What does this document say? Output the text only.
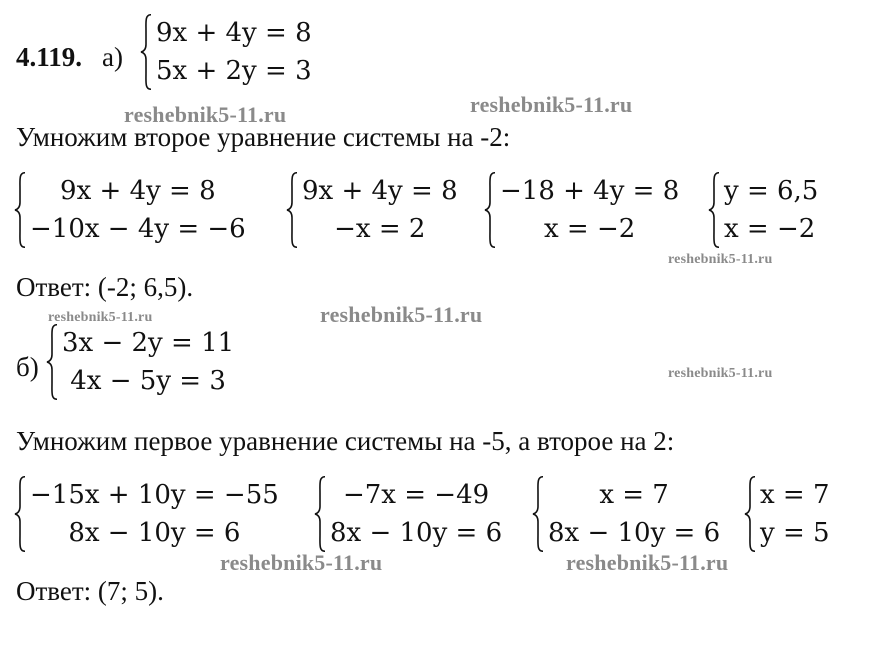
4.119. а)
9x + 4y = 8
5x + 2y = 3
Умножим второе уравнение системы на -2:
9x + 4y = 8
−10x − 4y = −6
9x + 4y = 8
−x = 2
−18 + 4y = 8
x = −2
y = 6,5
x = −2
Ответ: (-2; 6,5).
б)
3x − 2y = 11
4x − 5y = 3
Умножим первое уравнение системы на -5, а второе на 2:
−15x + 10y = −55
8x − 10y = 6
−7x = −49
8x − 10y = 6
x = 7
8x − 10y = 6
x = 7
y = 5
Ответ: (7; 5).
reshebnik5-11.ru	reshebnik5-11.ru
reshebnik5-11.ru
reshebnik5-11.ru	reshebnik5-11.ru
reshebnik5-11.ru
reshebnik5-11.ru	reshebnik5-11.ru
